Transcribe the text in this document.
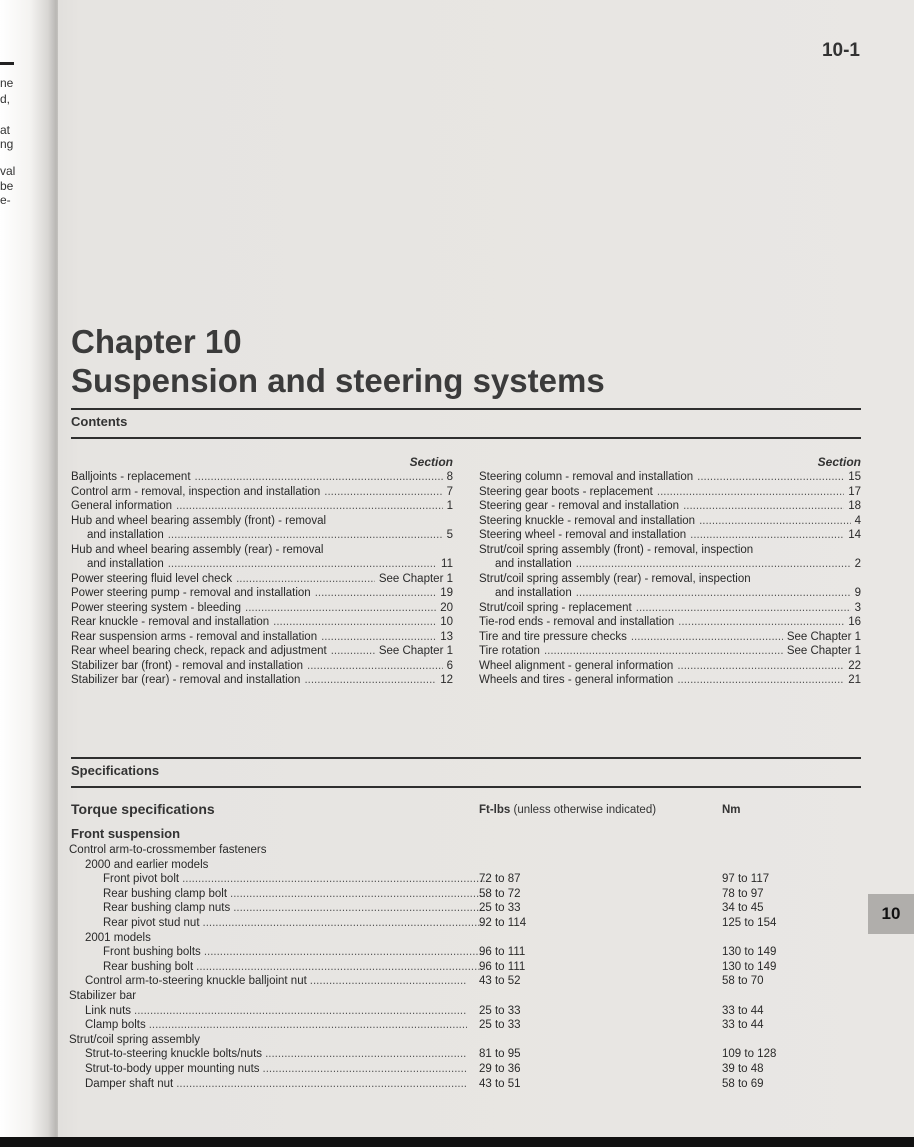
ne
d,
at
ng
val
be
e-
10-1
Chapter 10
Suspension and steering systems
Contents
Section
Balljoints - replacement .....	8
Control arm - removal, inspection and installation .....	7
General information .....	1
Hub and wheel bearing assembly (front) - removal
and installation .....	5
Hub and wheel bearing assembly (rear) - removal
and installation .....	11
Power steering fluid level check .....	See Chapter 1
Power steering pump - removal and installation .....	19
Power steering system - bleeding .....	20
Rear knuckle - removal and installation .....	10
Rear suspension arms - removal and installation .....	13
Rear wheel bearing check, repack and adjustment .....	See Chapter 1
Stabilizer bar (front) - removal and installation .....	6
Stabilizer bar (rear) - removal and installation .....	12
Section
Steering column - removal and installation .....	15
Steering gear boots - replacement .....	17
Steering gear - removal and installation .....	18
Steering knuckle - removal and installation .....	4
Steering wheel - removal and installation .....	14
Strut/coil spring assembly (front) - removal, inspection
and installation .....	2
Strut/coil spring assembly (rear) - removal, inspection
and installation .....	9
Strut/coil spring - replacement .....	3
Tie-rod ends - removal and installation .....	16
Tire and tire pressure checks .....	See Chapter 1
Tire rotation .....	See Chapter 1
Wheel alignment - general information .....	22
Wheels and tires - general information .....	21
Specifications
Torque specifications	Ft-lbs (unless otherwise indicated)	Nm
Front suspension
Control arm-to-crossmember fasteners
2000 and earlier models
Front pivot bolt .....	72 to 87	97 to 117
Rear bushing clamp bolt .....	58 to 72	78 to 97
Rear bushing clamp nuts .....	25 to 33	34 to 45
Rear pivot stud nut .....	92 to 114	125 to 154
2001 models
Front bushing bolts .....	96 to 111	130 to 149
Rear bushing bolt .....	96 to 111	130 to 149
Control arm-to-steering knuckle balljoint nut .....	43 to 52	58 to 70
Stabilizer bar
Link nuts .....	25 to 33	33 to 44
Clamp bolts .....	25 to 33	33 to 44
Strut/coil spring assembly
Strut-to-steering knuckle bolts/nuts .....	81 to 95	109 to 128
Strut-to-body upper mounting nuts .....	29 to 36	39 to 48
Damper shaft nut .....	43 to 51	58 to 69
10
